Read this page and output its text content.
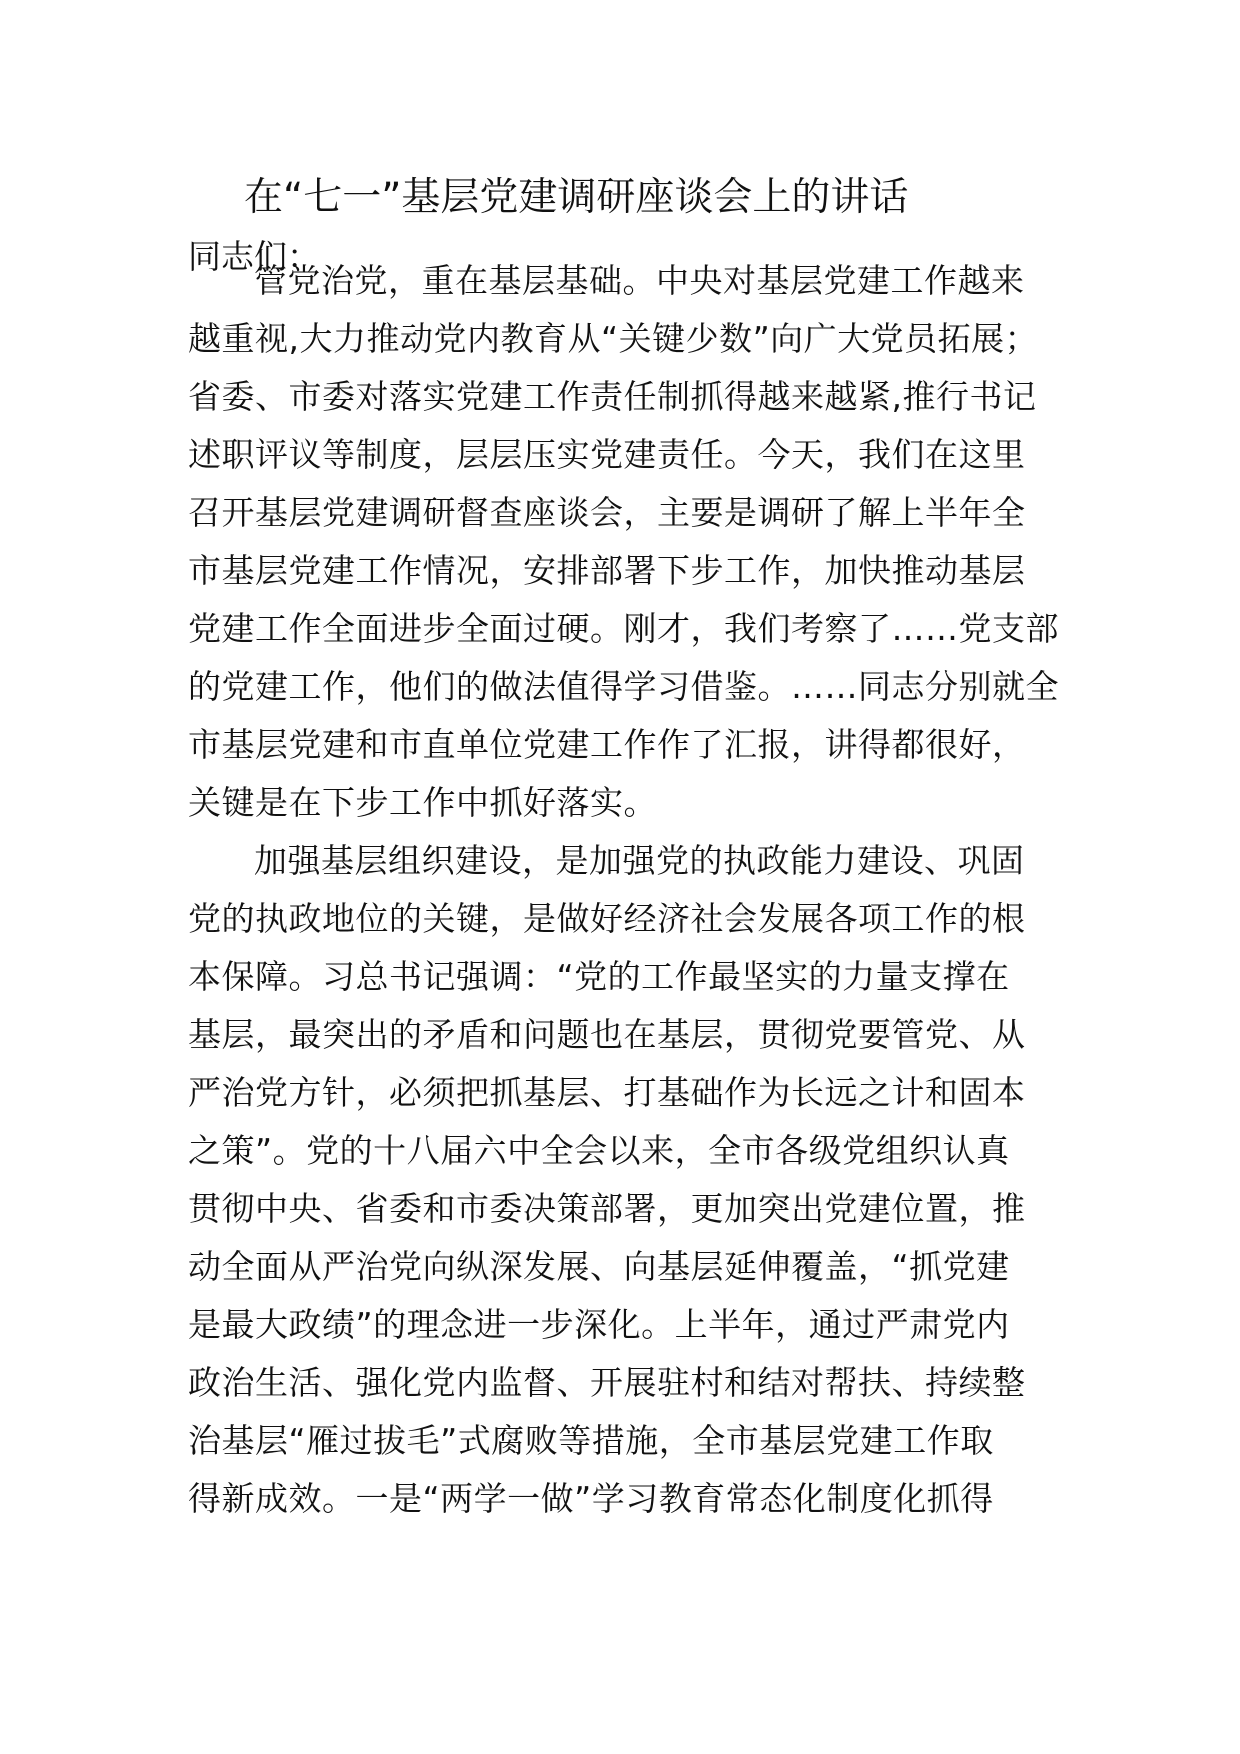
在“七一”基层党建调研座谈会上的讲话

同志们：

管党治党，重在基层基础。中央对基层党建工作越来
越重视,大力推动党内教育从“关键少数”向广大党员拓展；
省委、市委对落实党建工作责任制抓得越来越紧,推行书记
述职评议等制度，层层压实党建责任。今天，我们在这里
召开基层党建调研督查座谈会，主要是调研了解上半年全
市基层党建工作情况，安排部署下步工作，加快推动基层
党建工作全面进步全面过硬。刚才，我们考察了……党支部
的党建工作，他们的做法值得学习借鉴。……同志分别就全
市基层党建和市直单位党建工作作了汇报，讲得都很好，
关键是在下步工作中抓好落实。
加强基层组织建设，是加强党的执政能力建设、巩固
党的执政地位的关键，是做好经济社会发展各项工作的根
本保障。习总书记强调：“党的工作最坚实的力量支撑在
基层，最突出的矛盾和问题也在基层，贯彻党要管党、从
严治党方针，必须把抓基层、打基础作为长远之计和固本
之策”。党的十八届六中全会以来，全市各级党组织认真
贯彻中央、省委和市委决策部署，更加突出党建位置，推
动全面从严治党向纵深发展、向基层延伸覆盖，“抓党建
是最大政绩”的理念进一步深化。上半年，通过严肃党内
政治生活、强化党内监督、开展驻村和结对帮扶、持续整
治基层“雁过拔毛”式腐败等措施，全市基层党建工作取
得新成效。一是“两学一做”学习教育常态化制度化抓得
